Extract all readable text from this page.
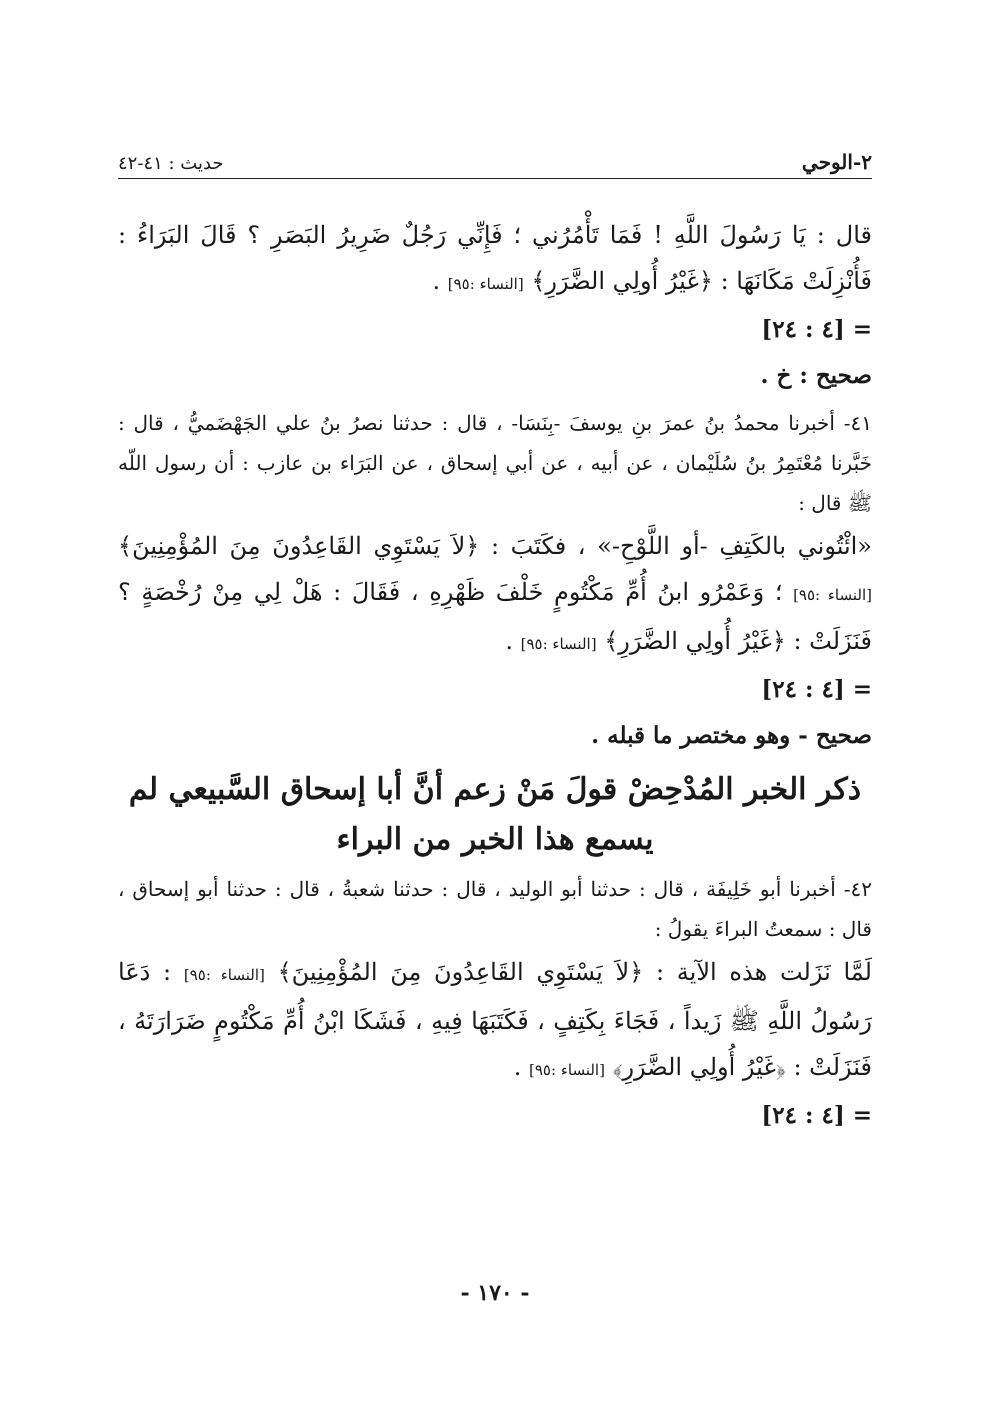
٢-الوحي
حديث : ٤١-٤٢

قال : يَا رَسُولَ اللَّهِ ! فَمَا تَأْمُرُني ؛ فَإِنِّي رَجُلٌ ضَرِيرُ البَصَرِ ؟ قَالَ البَرَاءُ : فَأُنْزِلَتْ مَكَانَهَا : ﴿غَيْرُ أُولِي الضَّرَرِ﴾ [النساء :٩٥] .

= [٤ : ٢٤]

صحيح : خ .

٤١- أخبرنا محمدُ بنُ عمرَ بنِ يوسفَ -بِنَسَا- ، قال : حدثنا نصرُ بنُ علي الجَهْضَميُّ ، قال : خَبَّرنا مُعْتَمِرُ بنُ سُلَيْمان ، عن أبيه ، عن أبي إسحاق ، عن البَرَاء بن عازب : أن رسول اللّه ﷺ قال :

«ائْتُوني بالكَتِفِ -أو اللَّوْحِ-» ، فكَتَبَ : ﴿لاَ يَسْتَوِي القَاعِدُونَ مِنَ المُؤْمِنِينَ﴾ [النساء :٩٥] ؛ وَعَمْرُو ابنُ أُمِّ مَكْتُومٍ خَلْفَ ظَهْرِهِ ، فَقَالَ : هَلْ لِي مِنْ رُخْصَةٍ ؟ فَنَزَلَتْ : ﴿غَيْرُ أُولِي الضَّرَرِ﴾ [النساء :٩٥] .

= [٤ : ٢٤]

صحيح - وهو مختصر ما قبله .

ذكر الخبر المُدْحِضْ قولَ مَنْ زعم أنَّ أبا إسحاق السَّبيعي لم
يسمع هذا الخبر من البراء

٤٢- أخبرنا أبو خَلِيفَة ، قال : حدثنا أبو الوليد ، قال : حدثنا شعبةُ ، قال : حدثنا أبو إسحاق ، قال : سمعتُ البراءَ يقولُ :

لَمَّا نَزَلت هذه الآية : ﴿لاَ يَسْتَوِي القَاعِدُونَ مِنَ المُؤْمِنِينَ﴾ [النساء :٩٥] : دَعَا رَسُولُ اللَّهِ ﷺ زَيداً ، فَجَاءَ بِكَتِفٍ ، فَكَتَبَهَا فِيهِ ، فَشَكَا ابْنُ أُمِّ مَكْتُومٍ ضَرَارَتَهُ ، فَنَزَلَتْ : ﴿غَيْرُ أُولِي الضَّرَرِ﴾ [النساء :٩٥] .

= [٤ : ٢٤]

- ١٧٠ -
